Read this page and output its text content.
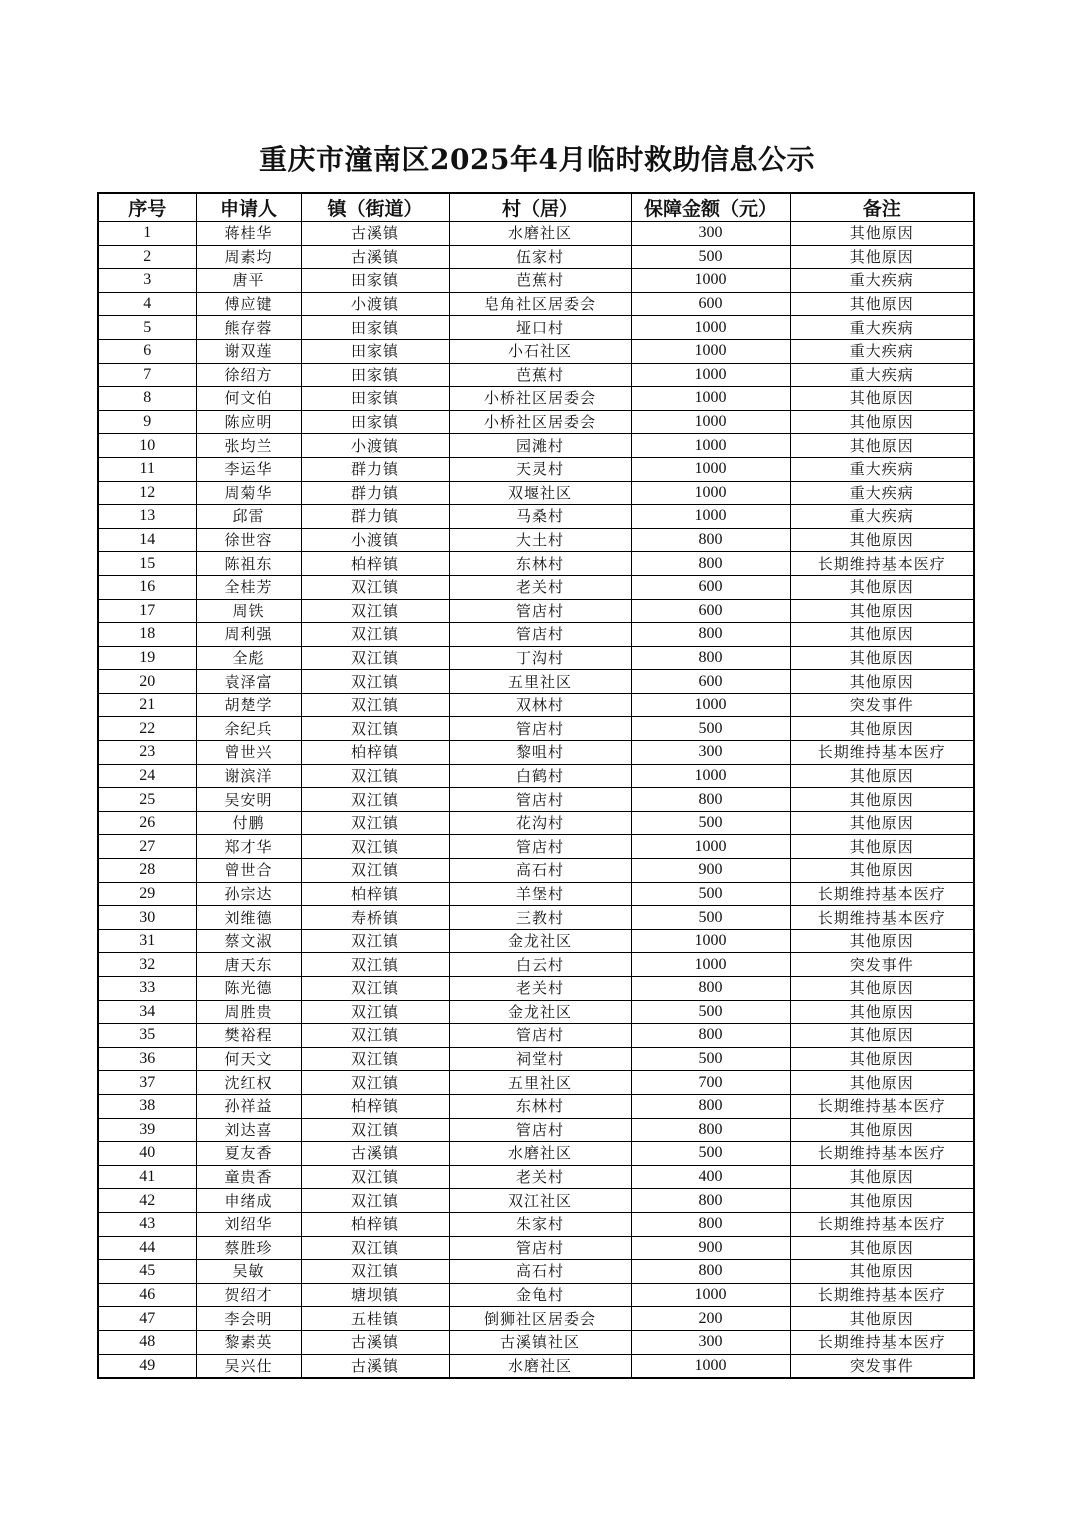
重庆市潼南区2025年4月临时救助信息公示
序号	申请人	镇（街道）	村（居）	保障金额（元）	备注
1	蒋桂华	古溪镇	水磨社区	300	其他原因
2	周素均	古溪镇	伍家村	500	其他原因
3	唐平	田家镇	芭蕉村	1000	重大疾病
4	傅应键	小渡镇	皂角社区居委会	600	其他原因
5	熊存蓉	田家镇	垭口村	1000	重大疾病
6	谢双莲	田家镇	小石社区	1000	重大疾病
7	徐绍方	田家镇	芭蕉村	1000	重大疾病
8	何文伯	田家镇	小桥社区居委会	1000	其他原因
9	陈应明	田家镇	小桥社区居委会	1000	其他原因
10	张均兰	小渡镇	园滩村	1000	其他原因
11	李运华	群力镇	天灵村	1000	重大疾病
12	周菊华	群力镇	双堰社区	1000	重大疾病
13	邱雷	群力镇	马桑村	1000	重大疾病
14	徐世容	小渡镇	大土村	800	其他原因
15	陈祖东	柏梓镇	东林村	800	长期维持基本医疗
16	全桂芳	双江镇	老关村	600	其他原因
17	周铁	双江镇	管店村	600	其他原因
18	周利强	双江镇	管店村	800	其他原因
19	全彪	双江镇	丁沟村	800	其他原因
20	袁泽富	双江镇	五里社区	600	其他原因
21	胡楚学	双江镇	双林村	1000	突发事件
22	余纪兵	双江镇	管店村	500	其他原因
23	曾世兴	柏梓镇	黎咀村	300	长期维持基本医疗
24	谢滨洋	双江镇	白鹤村	1000	其他原因
25	吴安明	双江镇	管店村	800	其他原因
26	付鹏	双江镇	花沟村	500	其他原因
27	郑才华	双江镇	管店村	1000	其他原因
28	曾世合	双江镇	高石村	900	其他原因
29	孙宗达	柏梓镇	羊堡村	500	长期维持基本医疗
30	刘维德	寿桥镇	三教村	500	长期维持基本医疗
31	蔡文淑	双江镇	金龙社区	1000	其他原因
32	唐天东	双江镇	白云村	1000	突发事件
33	陈光德	双江镇	老关村	800	其他原因
34	周胜贵	双江镇	金龙社区	500	其他原因
35	樊裕程	双江镇	管店村	800	其他原因
36	何天文	双江镇	祠堂村	500	其他原因
37	沈红权	双江镇	五里社区	700	其他原因
38	孙祥益	柏梓镇	东林村	800	长期维持基本医疗
39	刘达喜	双江镇	管店村	800	其他原因
40	夏友香	古溪镇	水磨社区	500	长期维持基本医疗
41	童贵香	双江镇	老关村	400	其他原因
42	申绪成	双江镇	双江社区	800	其他原因
43	刘绍华	柏梓镇	朱家村	800	长期维持基本医疗
44	蔡胜珍	双江镇	管店村	900	其他原因
45	吴敏	双江镇	高石村	800	其他原因
46	贺绍才	塘坝镇	金龟村	1000	长期维持基本医疗
47	李会明	五桂镇	倒狮社区居委会	200	其他原因
48	黎素英	古溪镇	古溪镇社区	300	长期维持基本医疗
49	吴兴仕	古溪镇	水磨社区	1000	突发事件
